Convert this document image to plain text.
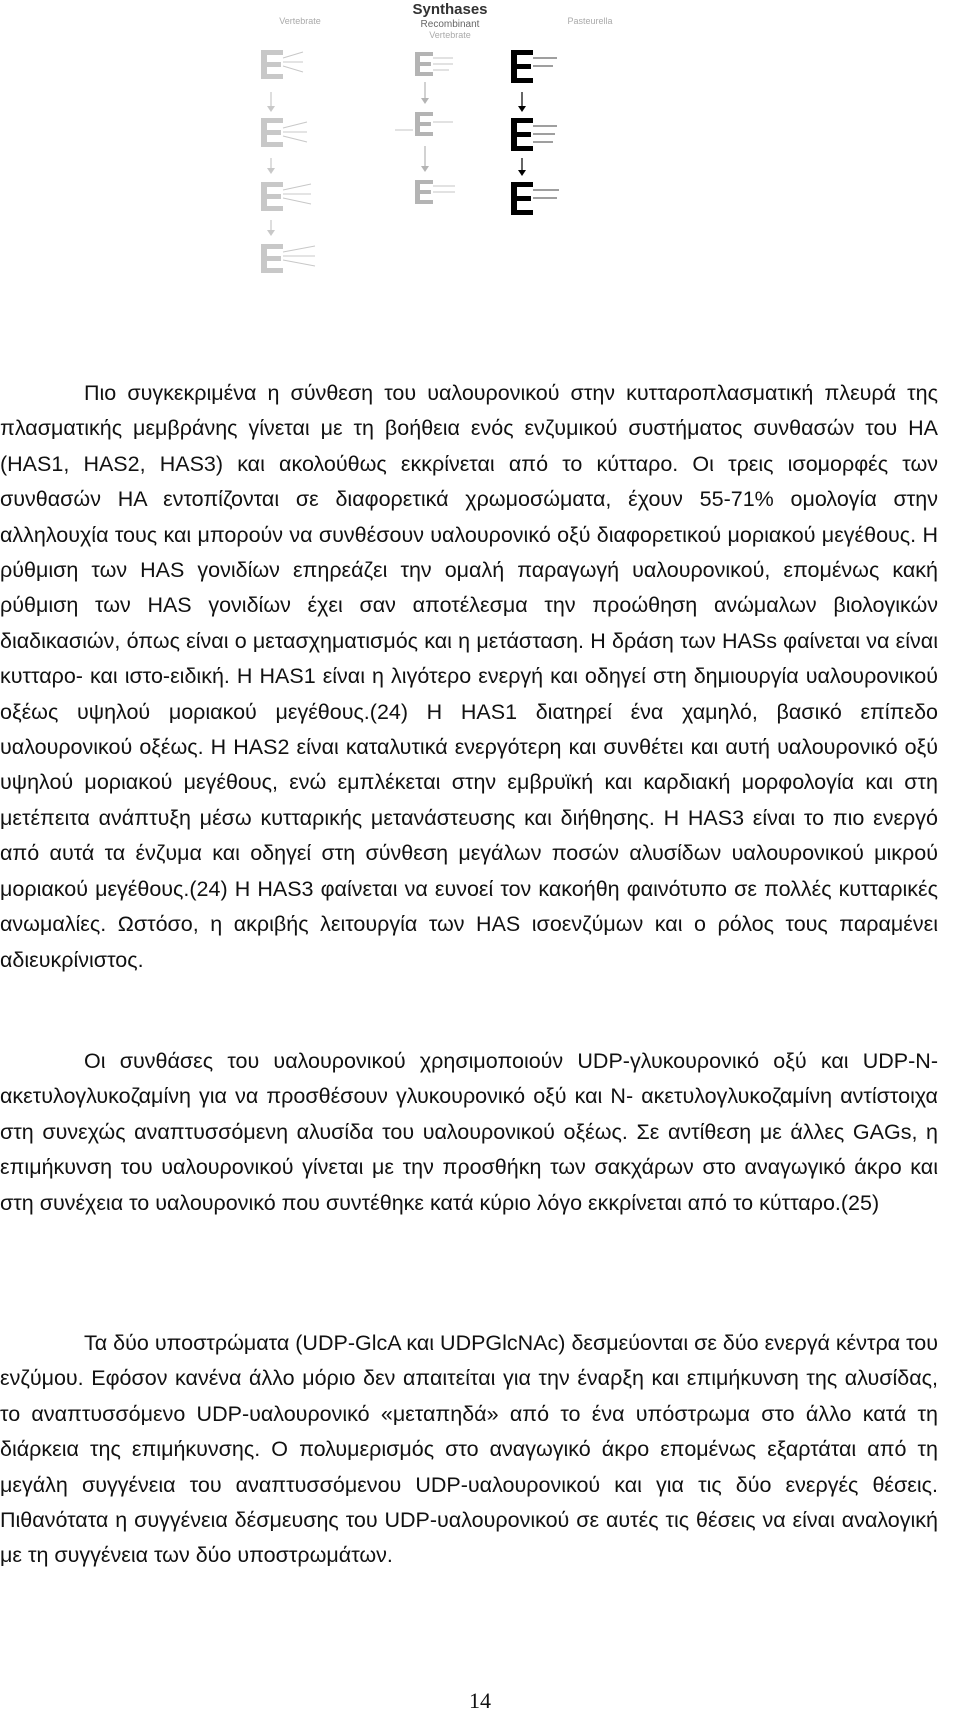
Synthases
Recombinant
Vertebrate
Vertebrate
Pasteurella

Πιο συγκεκριμένα η σύνθεση του υαλουρονικού στην κυτταροπλασματική πλευρά της πλασματικής μεμβράνης γίνεται με τη βοήθεια ενός ενζυμικού συστήματος συνθασών του HA (HAS1, HAS2, HAS3) και ακολούθως εκκρίνεται από το κύτταρο. Οι τρεις ισομορφές των συνθασών HA εντοπίζονται σε διαφορετικά χρωμοσώματα, έχουν 55-71% ομολογία στην αλληλουχία τους και μπορούν να συνθέσουν υαλουρονικό οξύ διαφορετικού μοριακού μεγέθους. Η ρύθμιση των HAS γονιδίων επηρεάζει την ομαλή παραγωγή υαλουρονικού, επομένως κακή ρύθμιση των HAS γονιδίων έχει σαν αποτέλεσμα την προώθηση ανώμαλων βιολογικών διαδικασιών, όπως είναι ο μετασχηματισμός και η μετάσταση. Η δράση των HASs φαίνεται να είναι κυτταρο- και ιστο-ειδική. Η HAS1 είναι η λιγότερο ενεργή και οδηγεί στη δημιουργία υαλουρονικού οξέως υψηλού μοριακού μεγέθους.(24) Η HAS1 διατηρεί ένα χαμηλό, βασικό επίπεδο υαλουρονικού οξέως. Η HAS2 είναι καταλυτικά ενεργότερη και συνθέτει και αυτή υαλουρονικό οξύ υψηλού μοριακού μεγέθους, ενώ εμπλέκεται στην εμβρυϊκή και καρδιακή μορφολογία και στη μετέπειτα ανάπτυξη μέσω κυτταρικής μετανάστευσης και διήθησης. Η HAS3 είναι το πιο ενεργό από αυτά τα ένζυμα και οδηγεί στη σύνθεση μεγάλων ποσών αλυσίδων υαλουρονικού μικρού μοριακού μεγέθους.(24) Η HAS3 φαίνεται να ευνοεί τον κακοήθη φαινότυπο σε πολλές κυτταρικές ανωμαλίες. Ωστόσο, η ακριβής λειτουργία των HAS ισοενζύμων και ο ρόλος τους παραμένει αδιευκρίνιστος.

Οι συνθάσες του υαλουρονικού χρησιμοποιούν UDP-γλυκουρονικό οξύ και UDP-N-ακετυλογλυκοζαμίνη για να προσθέσουν γλυκουρονικό οξύ και N- ακετυλογλυκοζαμίνη αντίστοιχα στη συνεχώς αναπτυσσόμενη αλυσίδα του υαλουρονικού οξέως. Σε αντίθεση με άλλες GAGs, η επιμήκυνση του υαλουρονικού γίνεται με την προσθήκη των σακχάρων στο αναγωγικό άκρο και στη συνέχεια το υαλουρονικό που συντέθηκε κατά κύριο λόγο εκκρίνεται από το κύτταρο.(25)

Τα δύο υποστρώματα (UDP-GlcA και UDPGlcNAc) δεσμεύονται σε δύο ενεργά κέντρα του ενζύμου. Εφόσον κανένα άλλο μόριο δεν απαιτείται για την έναρξη και επιμήκυνση της αλυσίδας, το αναπτυσσόμενο UDP-υαλουρονικό «μεταπηδά» από το ένα υπόστρωμα στο άλλο κατά τη διάρκεια της επιμήκυνσης. Ο πολυμερισμός στο αναγωγικό άκρο επομένως εξαρτάται από τη μεγάλη συγγένεια του αναπτυσσόμενου UDP-υαλουρονικού και για τις δύο ενεργές θέσεις. Πιθανότατα η συγγένεια δέσμευσης του UDP-υαλουρονικού σε αυτές τις θέσεις να είναι αναλογική με τη συγγένεια των δύο υποστρωμάτων.

14
